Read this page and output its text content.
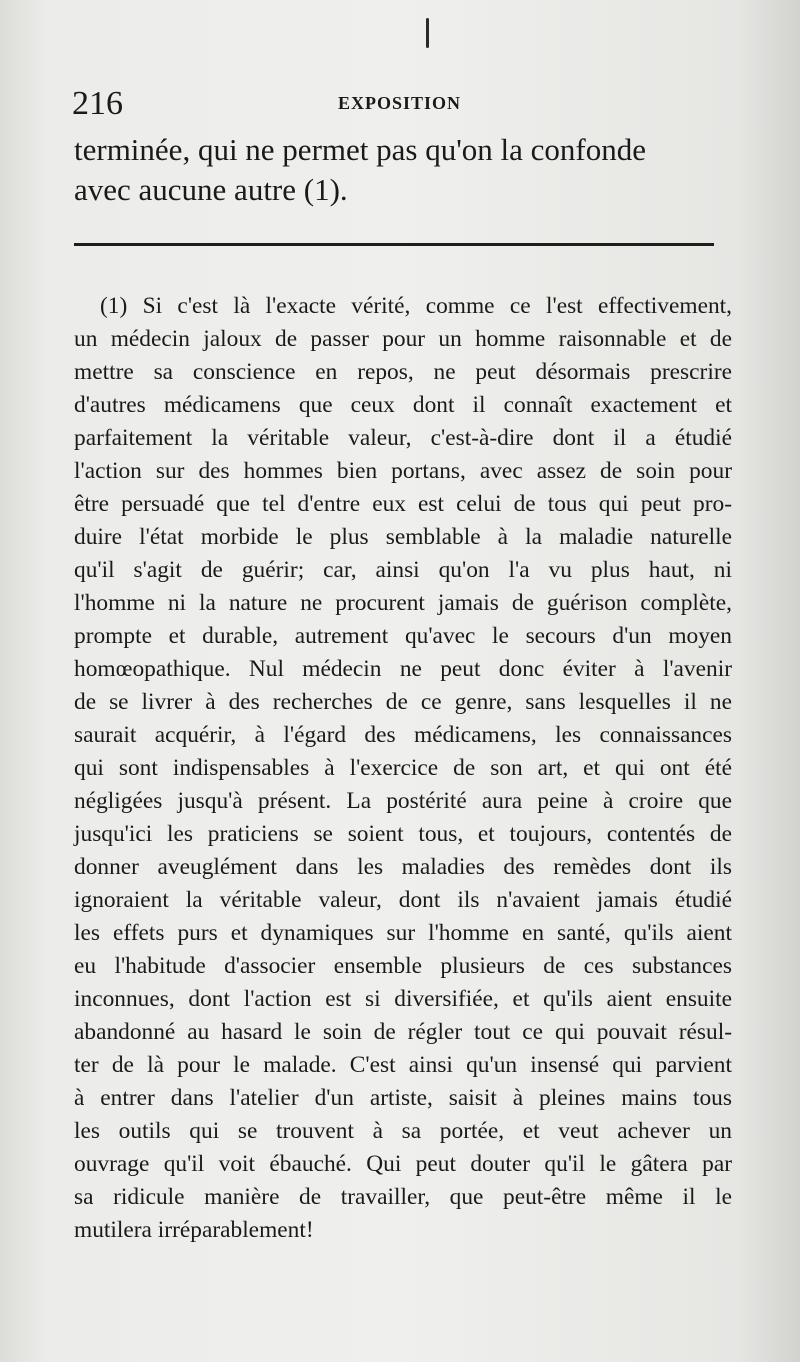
216	EXPOSITION
terminée, qui ne permet pas qu'on la confonde
avec aucune autre (1).
(1) Si c'est là l'exacte vérité, comme ce l'est effectivement,
un médecin jaloux de passer pour un homme raisonnable et de
mettre sa conscience en repos, ne peut désormais prescrire
d'autres médicamens que ceux dont il connaît exactement et
parfaitement la véritable valeur, c'est-à-dire dont il a étudié
l'action sur des hommes bien portans, avec assez de soin pour
être persuadé que tel d'entre eux est celui de tous qui peut pro-
duire l'état morbide le plus semblable à la maladie naturelle
qu'il s'agit de guérir; car, ainsi qu'on l'a vu plus haut, ni
l'homme ni la nature ne procurent jamais de guérison complète,
prompte et durable, autrement qu'avec le secours d'un moyen
homœopathique. Nul médecin ne peut donc éviter à l'avenir
de se livrer à des recherches de ce genre, sans lesquelles il ne
saurait acquérir, à l'égard des médicamens, les connaissances
qui sont indispensables à l'exercice de son art, et qui ont été
négligées jusqu'à présent. La postérité aura peine à croire que
jusqu'ici les praticiens se soient tous, et toujours, contentés de
donner aveuglément dans les maladies des remèdes dont ils
ignoraient la véritable valeur, dont ils n'avaient jamais étudié
les effets purs et dynamiques sur l'homme en santé, qu'ils aient
eu l'habitude d'associer ensemble plusieurs de ces substances
inconnues, dont l'action est si diversifiée, et qu'ils aient ensuite
abandonné au hasard le soin de régler tout ce qui pouvait résul-
ter de là pour le malade. C'est ainsi qu'un insensé qui parvient
à entrer dans l'atelier d'un artiste, saisit à pleines mains tous
les outils qui se trouvent à sa portée, et veut achever un
ouvrage qu'il voit ébauché. Qui peut douter qu'il le gâtera par
sa ridicule manière de travailler, que peut-être même il le
mutilera irréparablement!
